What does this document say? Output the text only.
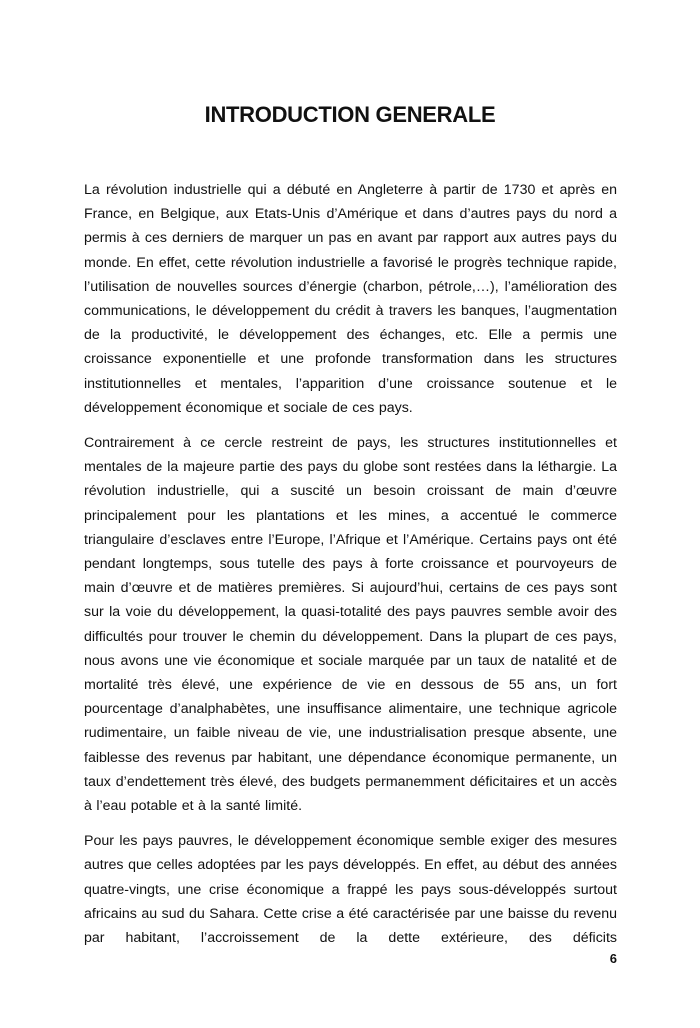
INTRODUCTION GENERALE

La révolution industrielle qui a débuté en Angleterre à partir de 1730 et après en France, en Belgique, aux Etats-Unis d’Amérique et dans d’autres pays du nord a permis à ces derniers de marquer un pas en avant par rapport aux autres pays du monde. En effet, cette révolution industrielle a favorisé le progrès technique rapide, l’utilisation de nouvelles sources d’énergie (charbon, pétrole,…), l’amélioration des communications, le développement du crédit à travers les banques, l’augmentation de la productivité, le développement des échanges, etc. Elle a permis une croissance exponentielle et une profonde transformation dans les structures institutionnelles et mentales, l’apparition d’une croissance soutenue et le développement économique et sociale de ces pays.

Contrairement à ce cercle restreint de pays, les structures institutionnelles et mentales de la majeure partie des pays du globe sont restées dans la léthargie. La révolution industrielle, qui a suscité un besoin croissant de main d’œuvre principalement pour les plantations et les mines, a accentué le commerce triangulaire d’esclaves entre l’Europe, l’Afrique et l’Amérique. Certains pays ont été pendant longtemps, sous tutelle des pays à forte croissance et pourvoyeurs de main d’œuvre et de matières premières. Si aujourd’hui, certains de ces pays sont sur la voie du développement, la quasi-totalité des pays pauvres semble avoir des difficultés pour trouver le chemin du développement. Dans la plupart de ces pays, nous avons une vie économique et sociale marquée par un taux de natalité et de mortalité très élevé, une expérience de vie en dessous de 55 ans, un fort pourcentage d’analphabètes, une insuffisance alimentaire, une technique agricole rudimentaire, un faible niveau de vie, une industrialisation presque absente, une faiblesse des revenus par habitant, une dépendance économique permanente, un taux d’endettement très élevé, des budgets permanemment déficitaires et un accès à l’eau potable et à la santé limité.

Pour les pays pauvres, le développement économique semble exiger des mesures autres que celles adoptées par les pays développés. En effet, au début des années quatre-vingts, une crise économique a frappé les pays sous-développés surtout africains au sud du Sahara. Cette crise a été caractérisée par une baisse du revenu par habitant, l’accroissement de la dette extérieure, des déficits

6
